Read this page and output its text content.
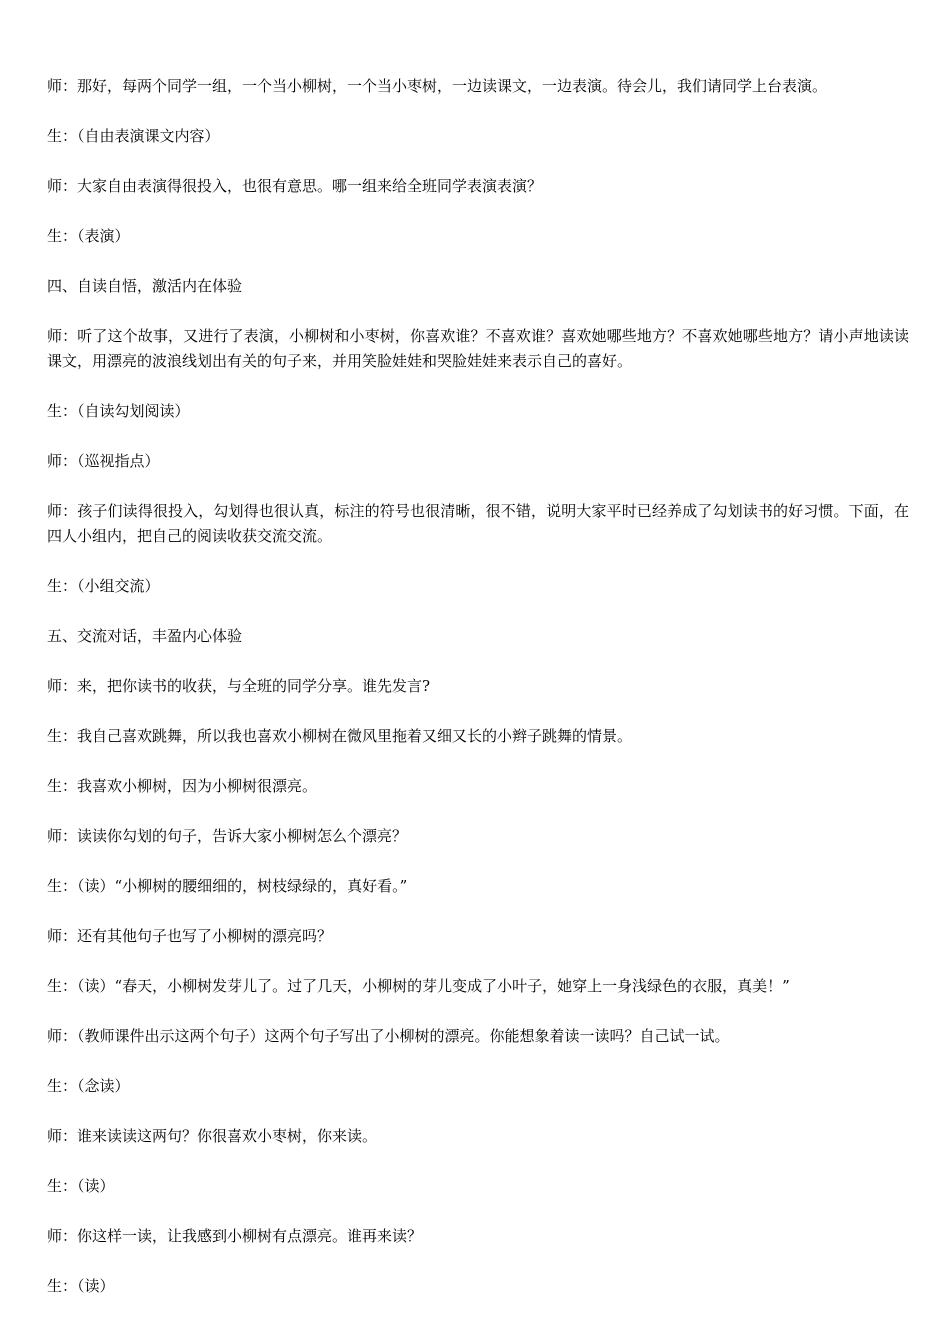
师：那好，每两个同学一组，一个当小柳树，一个当小枣树，一边读课文，一边表演。待会儿，我们请同学上台表演。

生：（自由表演课文内容）

师：大家自由表演得很投入，也很有意思。哪一组来给全班同学表演表演？

生：（表演）

四、自读自悟，激活内在体验

师：听了这个故事，又进行了表演，小柳树和小枣树，你喜欢谁？不喜欢谁？喜欢她哪些地方？不喜欢她哪些地方？请小声地读读课文，用漂亮的波浪线划出有关的句子来，并用笑脸娃娃和哭脸娃娃来表示自己的喜好。

生：（自读勾划阅读）

师：（巡视指点）

师：孩子们读得很投入，勾划得也很认真，标注的符号也很清晰，很不错，说明大家平时已经养成了勾划读书的好习惯。下面，在四人小组内，把自己的阅读收获交流交流。

生：（小组交流）

五、交流对话，丰盈内心体验

师：来，把你读书的收获，与全班的同学分享。谁先发言?

生：我自己喜欢跳舞，所以我也喜欢小柳树在微风里拖着又细又长的小辫子跳舞的情景。

生：我喜欢小柳树，因为小柳树很漂亮。

师：读读你勾划的句子，告诉大家小柳树怎么个漂亮？

生：（读）“小柳树的腰细细的，树枝绿绿的，真好看。”

师：还有其他句子也写了小柳树的漂亮吗？

生：（读）“春天，小柳树发芽儿了。过了几天，小柳树的芽儿变成了小叶子，她穿上一身浅绿色的衣服，真美！”

师：（教师课件出示这两个句子）这两个句子写出了小柳树的漂亮。你能想象着读一读吗？自己试一试。

生：（念读）

师：谁来读读这两句？你很喜欢小枣树，你来读。

生：（读）

师：你这样一读，让我感到小柳树有点漂亮。谁再来读？

生：（读）
